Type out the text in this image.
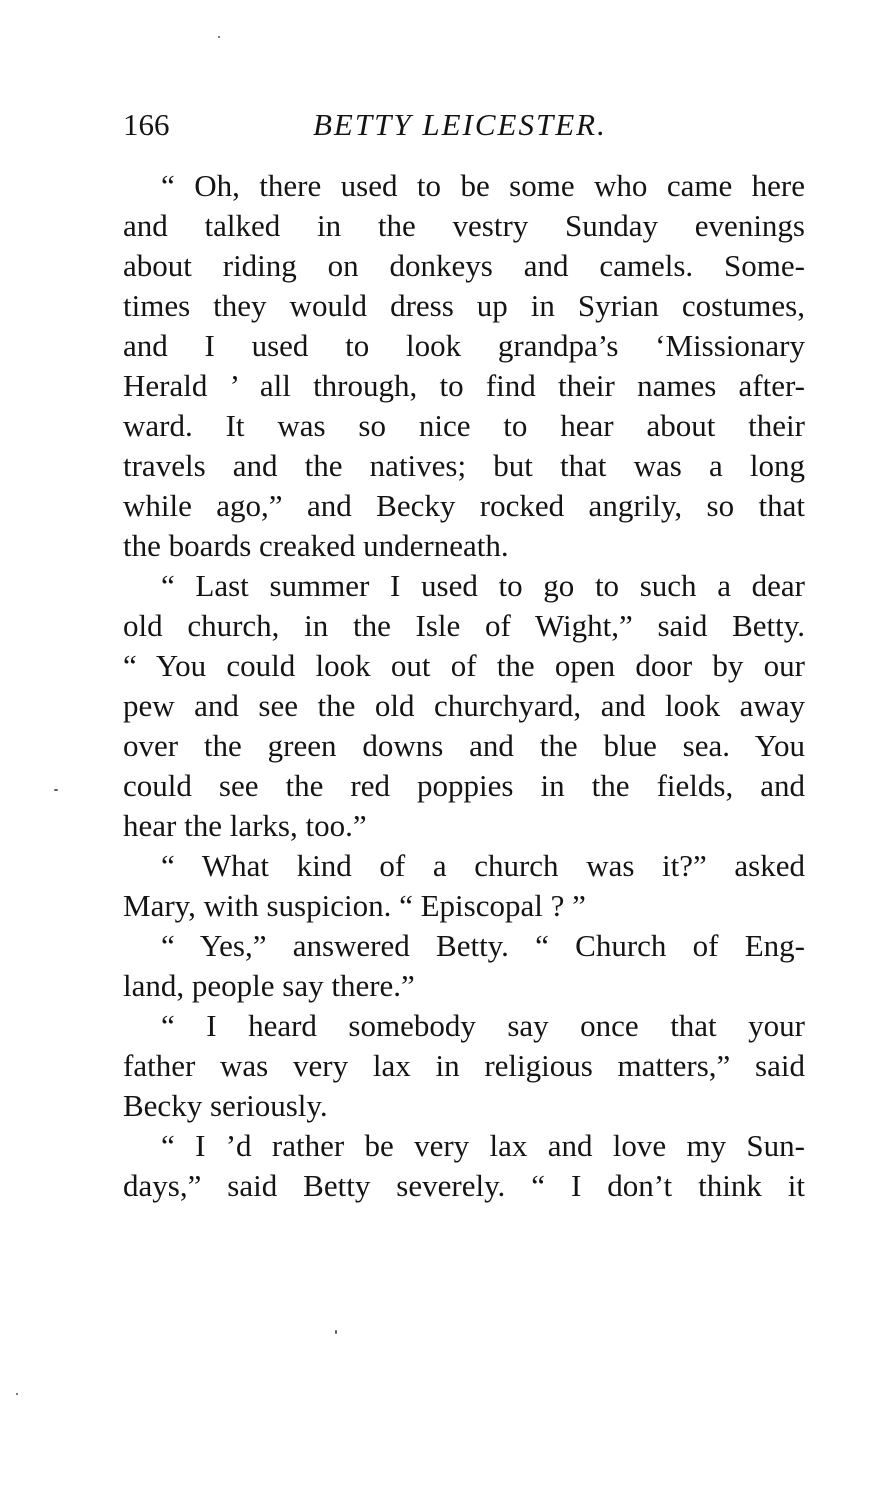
166	BETTY LEICESTER.
“ Oh, there used to be some who came here
and talked in the vestry Sunday evenings
about riding on donkeys and camels. Some-
times they would dress up in Syrian costumes,
and I used to look grandpa’s ‘Missionary
Herald ’ all through, to find their names after-
ward. It was so nice to hear about their
travels and the natives; but that was a long
while ago,” and Becky rocked angrily, so that
the boards creaked underneath.
“ Last summer I used to go to such a dear
old church, in the Isle of Wight,” said Betty.
“ You could look out of the open door by our
pew and see the old churchyard, and look away
over the green downs and the blue sea. You
could see the red poppies in the fields, and
hear the larks, too.”
“ What kind of a church was it?” asked
Mary, with suspicion. “ Episcopal ? ”
“ Yes,” answered Betty. “ Church of Eng-
land, people say there.”
“ I heard somebody say once that your
father was very lax in religious matters,” said
Becky seriously.
“ I ’d rather be very lax and love my Sun-
days,” said Betty severely. “ I don’t think it
